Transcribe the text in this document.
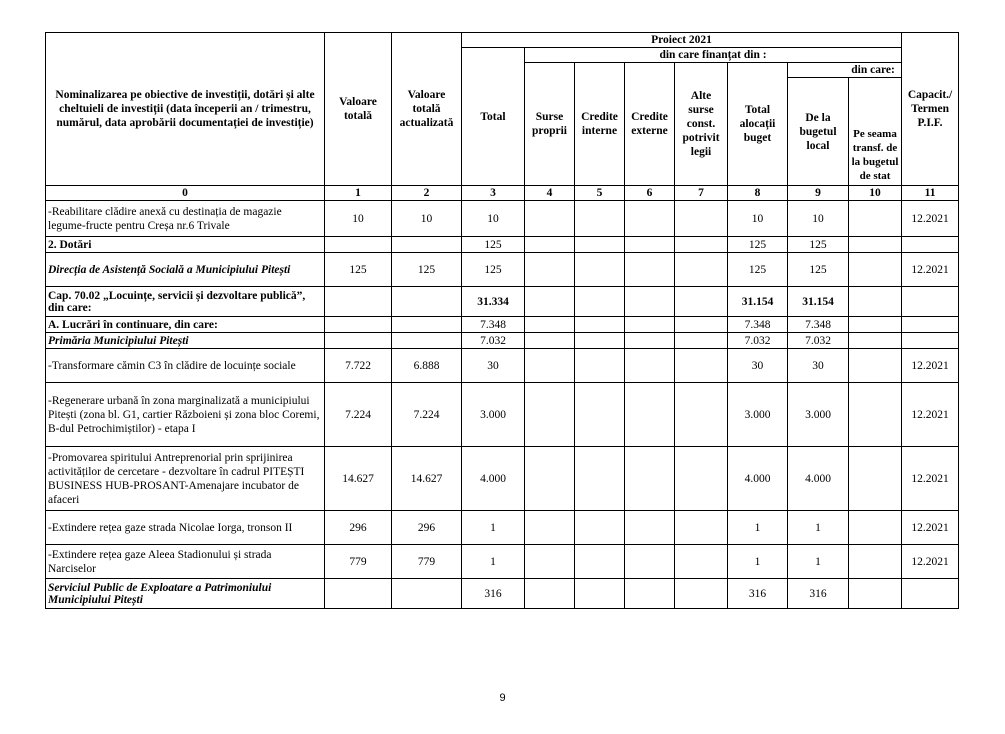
Nominalizarea pe obiective de investiții, dotări și alte cheltuieli de investiții (data începerii an / trimestru, numărul, data aprobării documentației de investiție)	Valoare totală	Valoare totală actualizată	Proiect 2021								Capacit./ Termen P.I.F.
			Total	din care finanțat din :							
				Surse proprii	Credite interne	Credite externe	Alte surse const. potrivit legii	Total alocații buget	din care:		
									De la bugetul local	Pe seama transf. de la bugetul de stat	
0	1	2	3	4	5	6	7	8	9	10	11
-Reabilitare clădire anexă cu destinația de magazie legume-fructe pentru Creșa nr.6 Trivale	10	10	10					10	10		12.2021
2. Dotări			125					125	125		
Direcția de Asistență Socială a Municipiului Pitești	125	125	125					125	125		12.2021
Cap. 70.02 „Locuințe, servicii și dezvoltare publică”, din care:			31.334					31.154	31.154		
A. Lucrări în continuare, din care:			7.348					7.348	7.348		
Primăria Municipiului Pitești			7.032					7.032	7.032		
-Transformare cămin C3 în clădire de locuințe sociale	7.722	6.888	30					30	30		12.2021
-Regenerare urbană în zona marginalizată a municipiului Pitești (zona bl. G1, cartier Războieni și zona bloc Coremi, B-dul Petrochimiștilor) - etapa I	7.224	7.224	3.000					3.000	3.000		12.2021
-Promovarea spiritului Antreprenorial prin sprijinirea activităților de cercetare - dezvoltare în cadrul PITEȘTI BUSINESS HUB-PROSANT-Amenajare incubator de afaceri	14.627	14.627	4.000					4.000	4.000		12.2021
-Extindere rețea gaze strada Nicolae Iorga, tronson II	296	296	1					1	1		12.2021
-Extindere rețea gaze Aleea Stadionului și strada Narciselor	779	779	1					1	1		12.2021
Serviciul Public de Exploatare a Patrimoniului Municipiului Pitești			316					316	316		
9
